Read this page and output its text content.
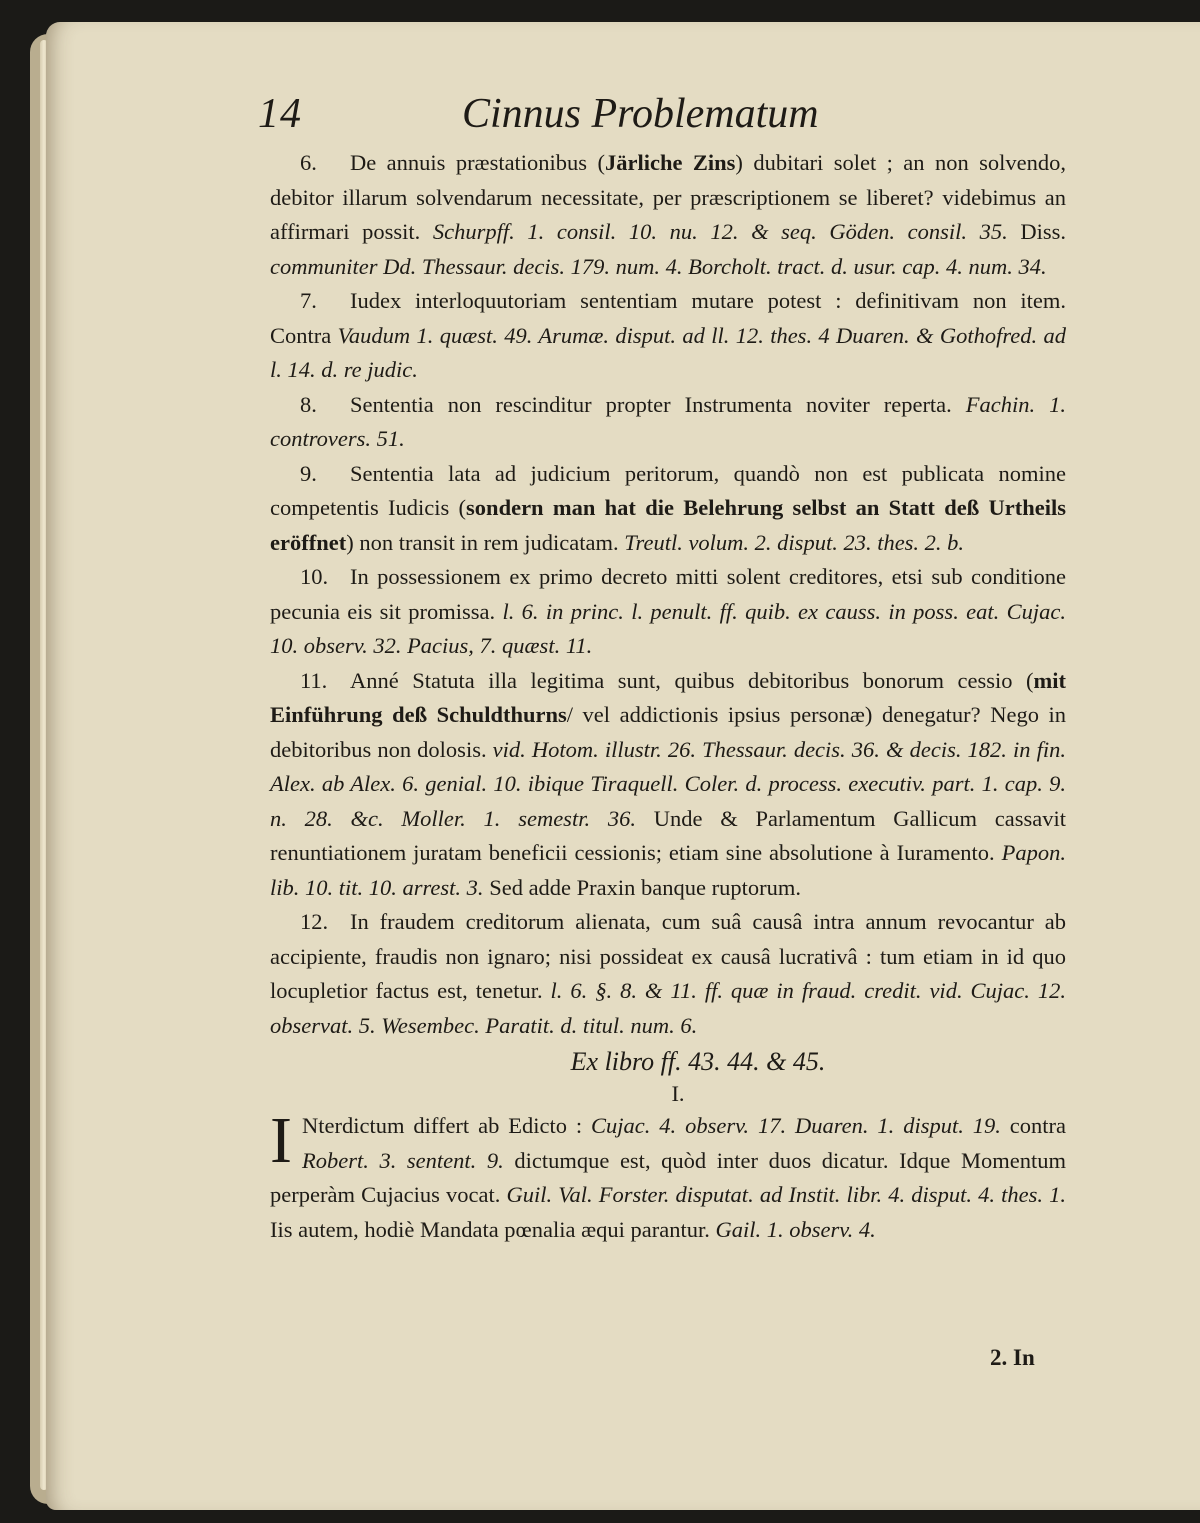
14	Cinnus Problematum

6. De annuis præstationibus (Järliche Zins) dubitari solet ; an non solvendo, debitor illarum solvendarum necessitate, per præscriptionem se liberet? videbimus an affirmari possit. Schurpff. 1. consil. 10. nu. 12. & seq. Göden. consil. 35. Diss. communiter Dd. Thessaur. decis. 179. num. 4. Borcholt. tract. d. usur. cap. 4. num. 34.

7. Iudex interloquutoriam sententiam mutare potest : definitivam non item. Contra Vaudum 1. quæst. 49. Arumæ. disput. ad ll. 12. thes. 4 Duaren. & Gothofred. ad l. 14. d. re judic.

8. Sententia non rescinditur propter Instrumenta noviter reperta. Fachin. 1. controvers. 51.

9. Sententia lata ad judicium peritorum, quandò non est publicata nomine competentis Iudicis (sondern man hat die Belehrung selbst an Statt deß Urtheils eröffnet) non transit in rem judicatam. Treutl. volum. 2. disput. 23. thes. 2. b.

10. In possessionem ex primo decreto mitti solent creditores, etsi sub conditione pecunia eis sit promissa. l. 6. in princ. l. penult. ff. quib. ex causs. in poss. eat. Cujac. 10. observ. 32. Pacius, 7. quæst. 11.

11. Anné Statuta illa legitima sunt, quibus debitoribus bonorum cessio (mit Einführung deß Schuldthurns/ vel addictionis ipsius personæ) denegatur? Nego in debitoribus non dolosis. vid. Hotom. illustr. 26. Thessaur. decis. 36. & decis. 182. in fin. Alex. ab Alex. 6. genial. 10. ibique Tiraquell. Coler. d. process. executiv. part. 1. cap. 9. n. 28. &c. Moller. 1. semestr. 36. Unde & Parlamentum Gallicum cassavit renuntiationem juratam beneficii cessionis; etiam sine absolutione à Iuramento. Papon. lib. 10. tit. 10. arrest. 3. Sed adde Praxin banque ruptorum.

12. In fraudem creditorum alienata, cum suâ causâ intra annum revocantur ab accipiente, fraudis non ignaro; nisi possideat ex causâ lucrativâ : tum etiam in id quo locupletior factus est, tenetur. l. 6. §. 8. & 11. ff. quæ in fraud. credit. vid. Cujac. 12. observat. 5. Wesembec. Paratit. d. titul. num. 6.

Ex libro ff. 43. 44. & 45.
I.

I Nterdictum differt ab Edicto : Cujac. 4. observ. 17. Duaren. 1. disput. 19. contra Robert. 3. sentent. 9. dictumque est, quòd inter duos dicatur. Idque Momentum perperàm Cujacius vocat. Guil. Val. Forster. disputat. ad Instit. libr. 4. disput. 4. thes. 1. Iis autem, hodiè Mandata pœnalia æqui parantur. Gail. 1. observ. 4.

2. In
